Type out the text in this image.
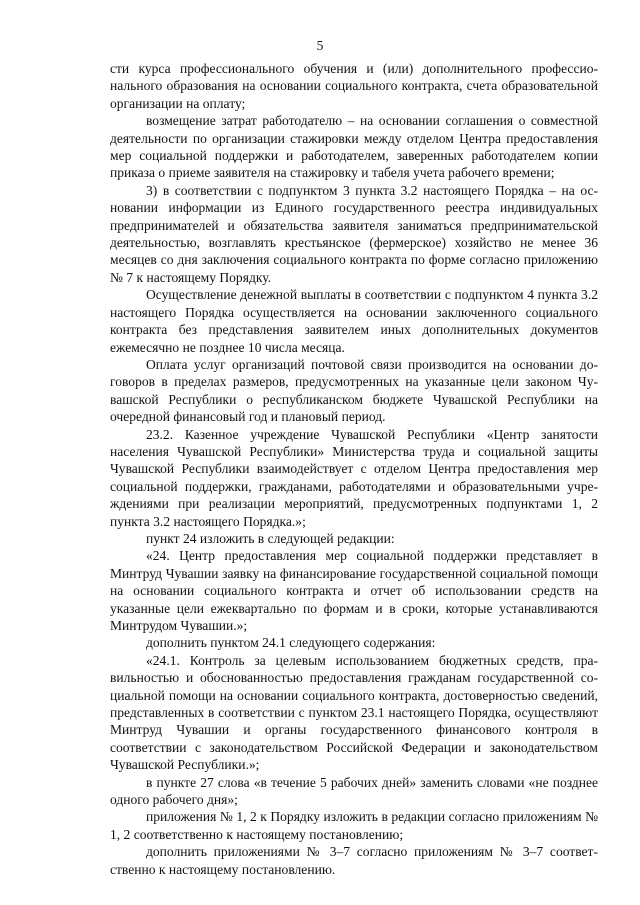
5

сти курса профессионального обучения и (или) дополнительного профессионального образования на основании социального контракта, счета образовательной организации на оплату;

возмещение затрат работодателю – на основании соглашения о совместной деятельности по организации стажировки между отделом Центра предоставления мер социальной поддержки и работодателем, заверенных работодателем копии приказа о приеме заявителя на стажировку и табеля учета рабочего времени;

3) в соответствии с подпунктом 3 пункта 3.2 настоящего Порядка – на основании информации из Единого государственного реестра индивидуальных предпринимателей и обязательства заявителя заниматься предпринимательской деятельностью, возглавлять крестьянское (фермерское) хозяйство не менее 36 месяцев со дня заключения социального контракта по форме согласно приложению № 7 к настоящему Порядку.

Осуществление денежной выплаты в соответствии с подпунктом 4 пункта 3.2 настоящего Порядка осуществляется на основании заключенного социального контракта без представления заявителем иных дополнительных документов ежемесячно не позднее 10 числа месяца.

Оплата услуг организаций почтовой связи производится на основании договоров в пределах размеров, предусмотренных на указанные цели законом Чувашской Республики о республиканском бюджете Чувашской Республики на очередной финансовый год и плановый период.

23.2. Казенное учреждение Чувашской Республики «Центр занятости населения Чувашской Республики» Министерства труда и социальной защиты Чувашской Республики взаимодействует с отделом Центра предоставления мер социальной поддержки, гражданами, работодателями и образовательными учреждениями при реализации мероприятий, предусмотренных подпунктами 1, 2 пункта 3.2 настоящего Порядка.»;

пункт 24 изложить в следующей редакции:

«24. Центр предоставления мер социальной поддержки представляет в Минтруд Чувашии заявку на финансирование государственной социальной помощи на основании социального контракта и отчет об использовании средств на указанные цели ежеквартально по формам и в сроки, которые устанавливаются Минтрудом Чувашии.»;

дополнить пунктом 24.1 следующего содержания:

«24.1. Контроль за целевым использованием бюджетных средств, правильностью и обоснованностью предоставления гражданам государственной социальной помощи на основании социального контракта, достоверностью сведений, представленных в соответствии с пунктом 23.1 настоящего Порядка, осуществляют Минтруд Чувашии и органы государственного финансового контроля в соответствии с законодательством Российской Федерации и законодательством Чувашской Республики.»;

в пункте 27 слова «в течение 5 рабочих дней» заменить словами «не позднее одного рабочего дня»;

приложения № 1, 2 к Порядку изложить в редакции согласно приложениям № 1, 2 соответственно к настоящему постановлению;

дополнить приложениями № 3–7 согласно приложениям № 3–7 соответственно к настоящему постановлению.
